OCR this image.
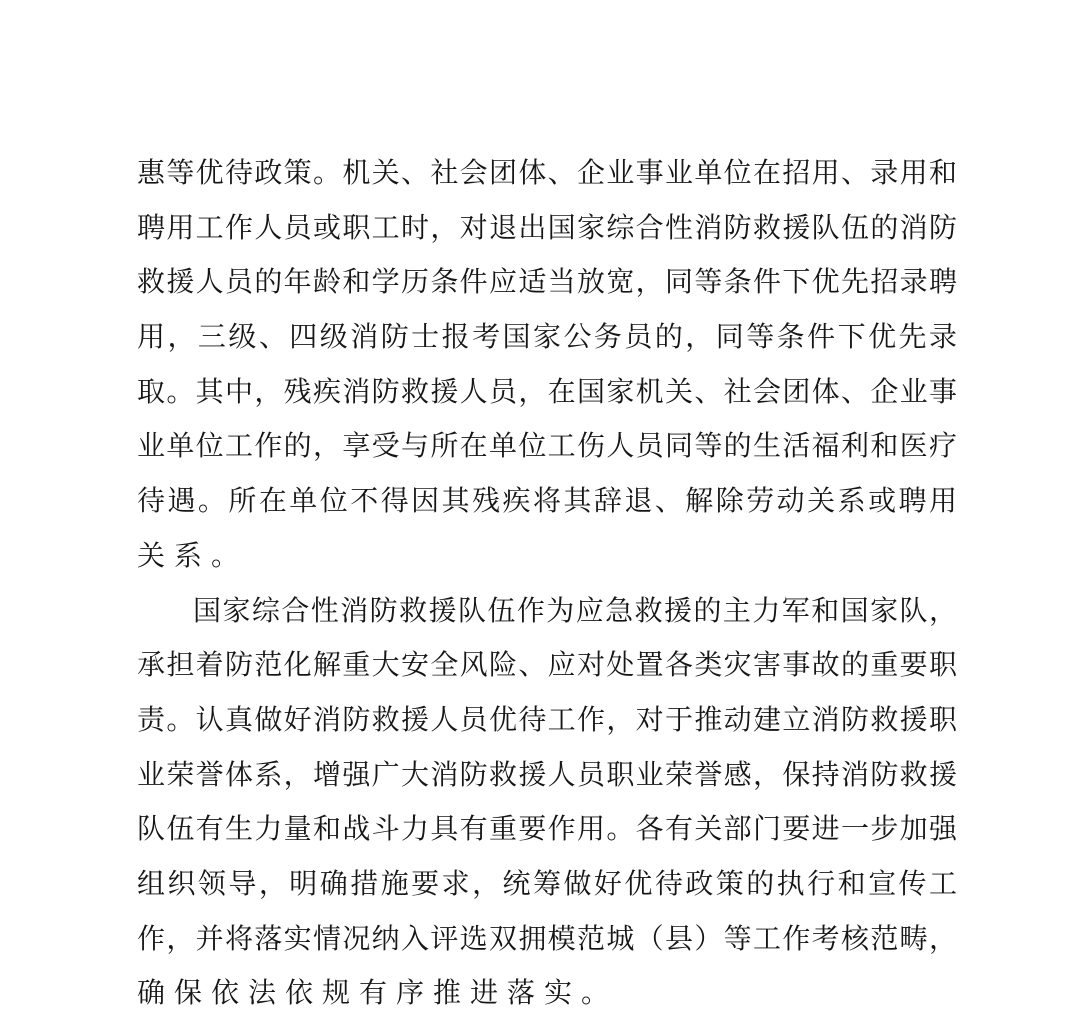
惠等优待政策。机关、社会团体、企业事业单位在招用、录用和
聘用工作人员或职工时，对退出国家综合性消防救援队伍的消防
救援人员的年龄和学历条件应适当放宽，同等条件下优先招录聘
用，三级、四级消防士报考国家公务员的，同等条件下优先录
取。其中，残疾消防救援人员，在国家机关、社会团体、企业事
业单位工作的，享受与所在单位工伤人员同等的生活福利和医疗
待遇。所在单位不得因其残疾将其辞退、解除劳动关系或聘用
关系。
国家综合性消防救援队伍作为应急救援的主力军和国家队，
承担着防范化解重大安全风险、应对处置各类灾害事故的重要职
责。认真做好消防救援人员优待工作，对于推动建立消防救援职
业荣誉体系，增强广大消防救援人员职业荣誉感，保持消防救援
队伍有生力量和战斗力具有重要作用。各有关部门要进一步加强
组织领导，明确措施要求，统筹做好优待政策的执行和宣传工
作，并将落实情况纳入评选双拥模范城（县）等工作考核范畴，
确保依法依规有序推进落实。
